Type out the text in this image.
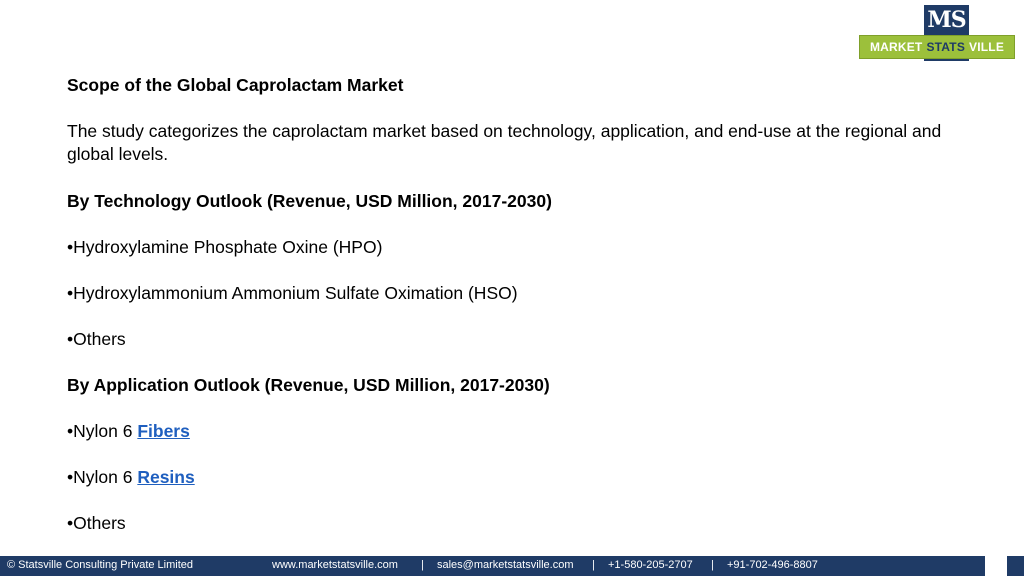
MS
MARKET STATS VILLE

Scope of the Global Caprolactam Market

The study categorizes the caprolactam market based on technology, application, and end-use at the regional and global levels.

By Technology Outlook (Revenue, USD Million, 2017-2030)

•Hydroxylamine Phosphate Oxine (HPO)

•Hydroxylammonium Ammonium Sulfate Oximation (HSO)

•Others

By Application Outlook (Revenue, USD Million, 2017-2030)

•Nylon 6 Fibers

•Nylon 6 Resins

•Others

© Statsville Consulting Private Limited	www.marketstatsville.com | sales@marketstatsville.com | +1-580-205-2707 | +91-702-496-8807
